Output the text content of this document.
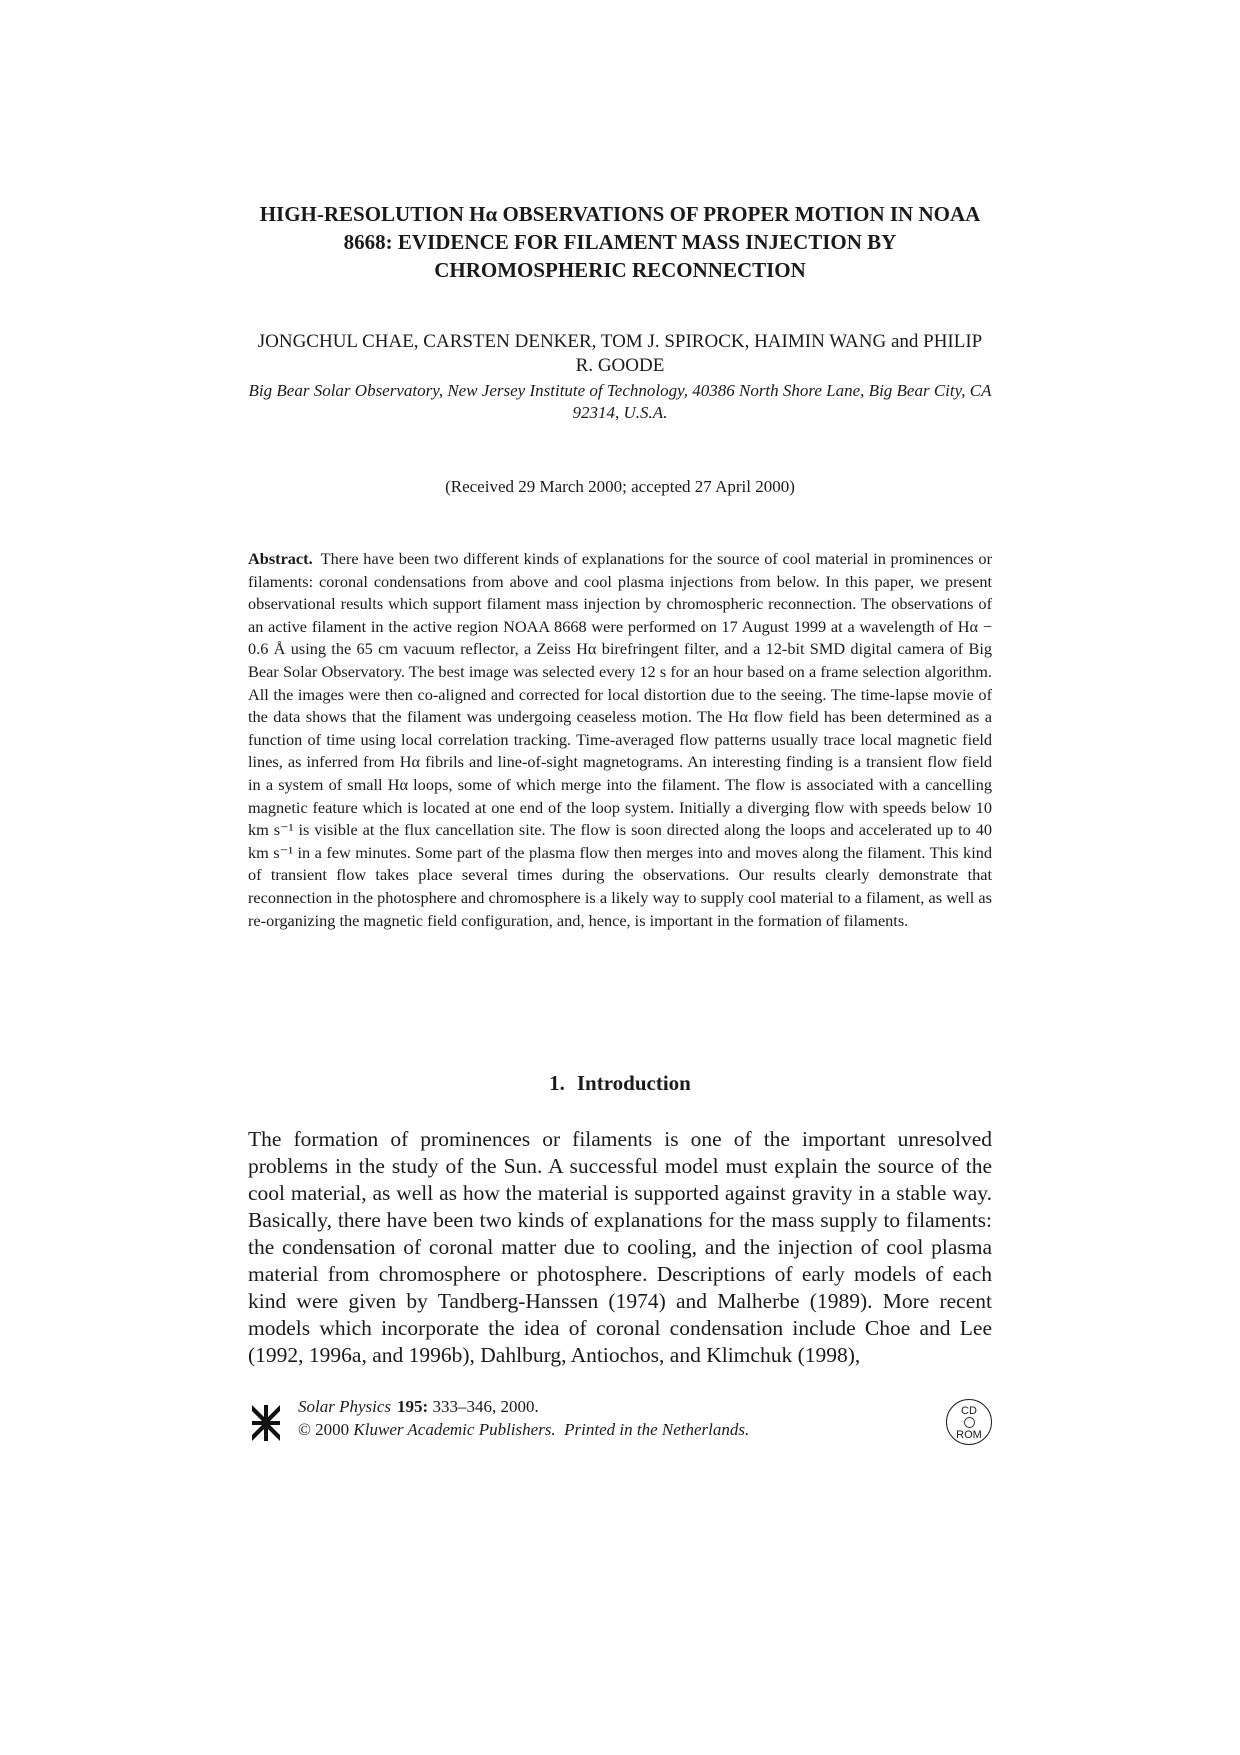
HIGH-RESOLUTION Hα OBSERVATIONS OF PROPER MOTION IN NOAA 8668: EVIDENCE FOR FILAMENT MASS INJECTION BY CHROMOSPHERIC RECONNECTION
JONGCHUL CHAE, CARSTEN DENKER, TOM J. SPIROCK, HAIMIN WANG and PHILIP R. GOODE
Big Bear Solar Observatory, New Jersey Institute of Technology, 40386 North Shore Lane, Big Bear City, CA 92314, U.S.A.
(Received 29 March 2000; accepted 27 April 2000)
Abstract. There have been two different kinds of explanations for the source of cool material in prominences or filaments: coronal condensations from above and cool plasma injections from below. In this paper, we present observational results which support filament mass injection by chromospheric reconnection. The observations of an active filament in the active region NOAA 8668 were performed on 17 August 1999 at a wavelength of Hα − 0.6 Å using the 65 cm vacuum reflector, a Zeiss Hα birefringent filter, and a 12-bit SMD digital camera of Big Bear Solar Observatory. The best image was selected every 12 s for an hour based on a frame selection algorithm. All the images were then co-aligned and corrected for local distortion due to the seeing. The time-lapse movie of the data shows that the filament was undergoing ceaseless motion. The Hα flow field has been determined as a function of time using local correlation tracking. Time-averaged flow patterns usually trace local magnetic field lines, as inferred from Hα fibrils and line-of-sight magnetograms. An interesting finding is a transient flow field in a system of small Hα loops, some of which merge into the filament. The flow is associated with a cancelling magnetic feature which is located at one end of the loop system. Initially a diverging flow with speeds below 10 km s⁻¹ is visible at the flux cancellation site. The flow is soon directed along the loops and accelerated up to 40 km s⁻¹ in a few minutes. Some part of the plasma flow then merges into and moves along the filament. This kind of transient flow takes place several times during the observations. Our results clearly demonstrate that reconnection in the photosphere and chromosphere is a likely way to supply cool material to a filament, as well as re-organizing the magnetic field configuration, and, hence, is important in the formation of filaments.
1. Introduction
The formation of prominences or filaments is one of the important unresolved problems in the study of the Sun. A successful model must explain the source of the cool material, as well as how the material is supported against gravity in a stable way. Basically, there have been two kinds of explanations for the mass supply to filaments: the condensation of coronal matter due to cooling, and the injection of cool plasma material from chromosphere or photosphere. Descriptions of early models of each kind were given by Tandberg-Hanssen (1974) and Malherbe (1989). More recent models which incorporate the idea of coronal condensation include Choe and Lee (1992, 1996a, and 1996b), Dahlburg, Antiochos, and Klimchuk (1998),
Solar Physics 195: 333–346, 2000.
© 2000 Kluwer Academic Publishers. Printed in the Netherlands.
CD
ROM
